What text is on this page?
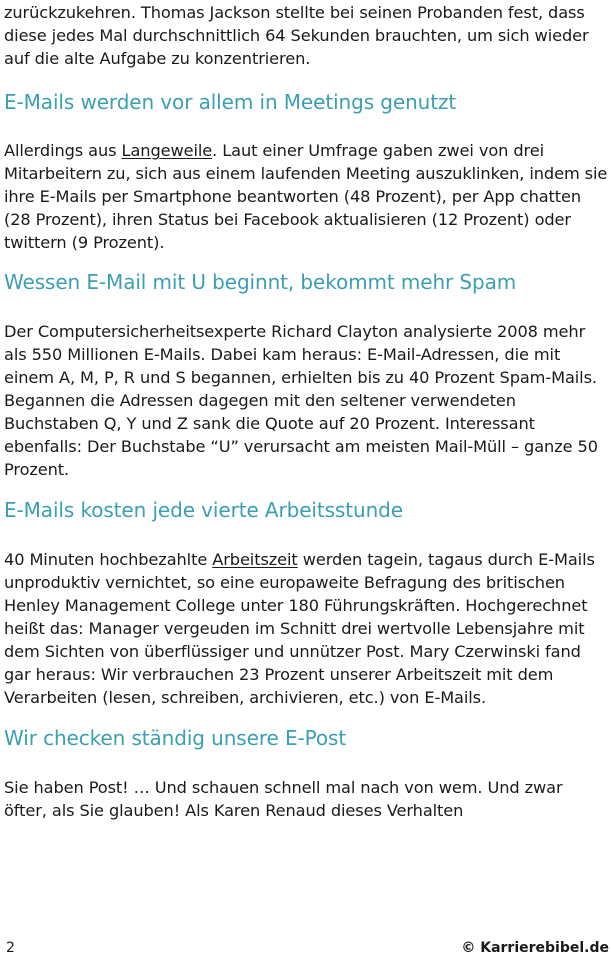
zurückzukehren. Thomas Jackson stellte bei seinen Probanden fest, dass diese jedes Mal durchschnittlich 64 Sekunden brauchten, um sich wieder auf die alte Aufgabe zu konzentrieren.

E-Mails werden vor allem in Meetings genutzt

Allerdings aus Langeweile. Laut einer Umfrage gaben zwei von drei Mitarbeitern zu, sich aus einem laufenden Meeting auszuklinken, indem sie ihre E-Mails per Smartphone beantworten (48 Prozent), per App chatten (28 Prozent), ihren Status bei Facebook aktualisieren (12 Prozent) oder twittern (9 Prozent).

Wessen E-Mail mit U beginnt, bekommt mehr Spam

Der Computersicherheitsexperte Richard Clayton analysierte 2008 mehr als 550 Millionen E-Mails. Dabei kam heraus: E-Mail-Adressen, die mit einem A, M, P, R und S begannen, erhielten bis zu 40 Prozent Spam-Mails. Begannen die Adressen dagegen mit den seltener verwendeten Buchstaben Q, Y und Z sank die Quote auf 20 Prozent. Interessant ebenfalls: Der Buchstabe “U” verursacht am meisten Mail-Müll – ganze 50 Prozent.

E-Mails kosten jede vierte Arbeitsstunde

40 Minuten hochbezahlte Arbeitszeit werden tagein, tagaus durch E-Mails unproduktiv vernichtet, so eine europaweite Befragung des britischen Henley Management College unter 180 Führungskräften. Hochgerechnet heißt das: Manager vergeuden im Schnitt drei wertvolle Lebensjahre mit dem Sichten von überflüssiger und unnützer Post. Mary Czerwinski fand gar heraus: Wir verbrauchen 23 Prozent unserer Arbeitszeit mit dem Verarbeiten (lesen, schreiben, archivieren, etc.) von E-Mails.

Wir checken ständig unsere E-Post

Sie haben Post! … Und schauen schnell mal nach von wem. Und zwar öfter, als Sie glauben! Als Karen Renaud dieses Verhalten

2	© Karrierebibel.de
